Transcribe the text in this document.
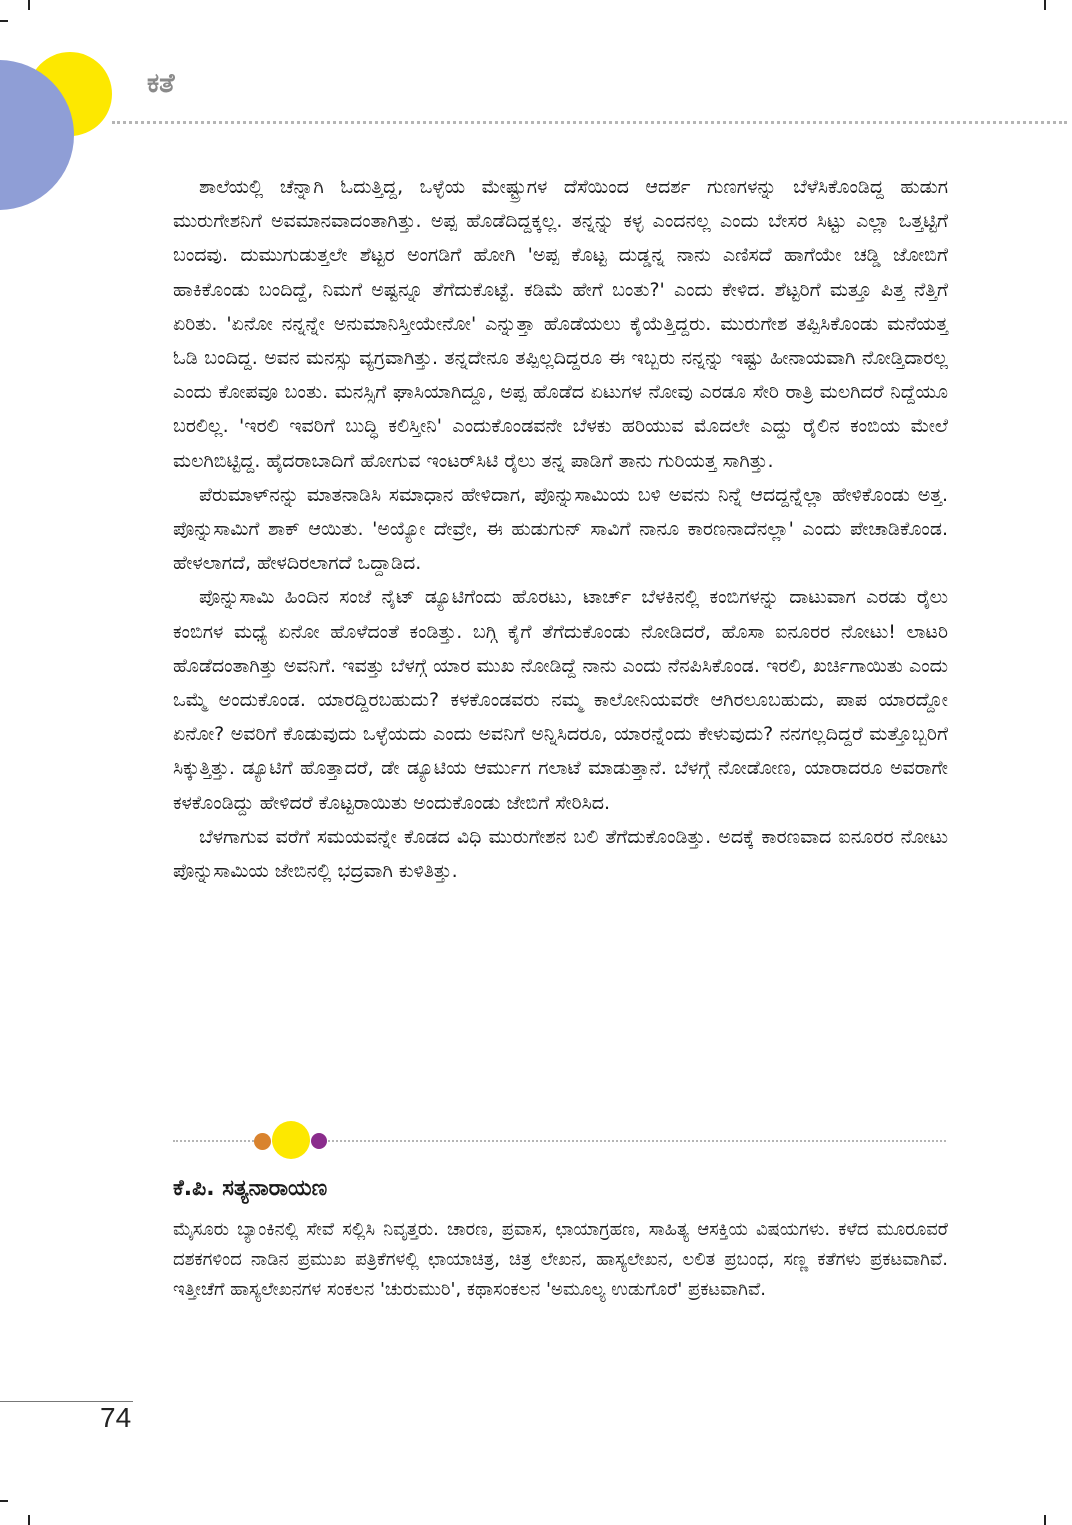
ಕತೆ

ಶಾಲೆಯಲ್ಲಿ ಚೆನ್ನಾಗಿ ಓದುತ್ತಿದ್ದ, ಒಳ್ಳೆಯ ಮೇಷ್ಟ್ರುಗಳ ದೆಸೆಯಿಂದ ಆದರ್ಶ ಗುಣಗಳನ್ನು ಬೆಳೆಸಿಕೊಂಡಿದ್ದ ಹುಡುಗ ಮುರುಗೇಶನಿಗೆ ಅವಮಾನವಾದಂತಾಗಿತ್ತು. ಅಪ್ಪ ಹೊಡೆದಿದ್ದಕ್ಕಲ್ಲ. ತನ್ನನ್ನು ಕಳ್ಳ ಎಂದನಲ್ಲ ಎಂದು ಬೇಸರ ಸಿಟ್ಟು ಎಲ್ಲಾ ಒತ್ತಟ್ಟಿಗೆ ಬಂದವು. ದುಮುಗುಡುತ್ತಲೇ ಶೆಟ್ಟರ ಅಂಗಡಿಗೆ ಹೋಗಿ 'ಅಪ್ಪ ಕೊಟ್ಟ ದುಡ್ಡನ್ನ ನಾನು ಎಣಿಸದೆ ಹಾಗೆಯೇ ಚಡ್ಡಿ ಜೋಬಿಗೆ ಹಾಕಿಕೊಂಡು ಬಂದಿದ್ದೆ, ನಿಮಗೆ ಅಷ್ಟನ್ನೂ ತೆಗೆದುಕೊಟ್ಟೆ. ಕಡಿಮೆ ಹೇಗೆ ಬಂತು?' ಎಂದು ಕೇಳಿದ. ಶೆಟ್ಟರಿಗೆ ಮತ್ತೂ ಪಿತ್ತ ನೆತ್ತಿಗೆ ಏರಿತು. 'ಏನೋ ನನ್ನನ್ನೇ ಅನುಮಾನಿಸ್ತೀಯೇನೋ' ಎನ್ನುತ್ತಾ ಹೊಡೆಯಲು ಕೈಯೆತ್ತಿದ್ದರು. ಮುರುಗೇಶ ತಪ್ಪಿಸಿಕೊಂಡು ಮನೆಯತ್ತ ಓಡಿ ಬಂದಿದ್ದ. ಅವನ ಮನಸ್ಸು ವ್ಯಗ್ರವಾಗಿತ್ತು. ತನ್ನದೇನೂ ತಪ್ಪಿಲ್ಲದಿದ್ದರೂ ಈ ಇಬ್ಬರು ನನ್ನನ್ನು ಇಷ್ಟು ಹೀನಾಯವಾಗಿ ನೋಡ್ತಿದಾರಲ್ಲ ಎಂದು ಕೋಪವೂ ಬಂತು. ಮನಸ್ಸಿಗೆ ಘಾಸಿಯಾಗಿದ್ದೂ, ಅಪ್ಪ ಹೊಡೆದ ಏಟುಗಳ ನೋವು ಎರಡೂ ಸೇರಿ ರಾತ್ರಿ ಮಲಗಿದರೆ ನಿದ್ದೆಯೂ ಬರಲಿಲ್ಲ. 'ಇರಲಿ ಇವರಿಗೆ ಬುದ್ಧಿ ಕಲಿಸ್ತೀನಿ' ಎಂದುಕೊಂಡವನೇ ಬೆಳಕು ಹರಿಯುವ ಮೊದಲೇ ಎದ್ದು ರೈಲಿನ ಕಂಬಿಯ ಮೇಲೆ ಮಲಗಿಬಿಟ್ಟಿದ್ದ. ಹೈದರಾಬಾದಿಗೆ ಹೋಗುವ ಇಂಟರ್‌ಸಿಟಿ ರೈಲು ತನ್ನ ಪಾಡಿಗೆ ತಾನು ಗುರಿಯತ್ತ ಸಾಗಿತ್ತು.

ಪೆರುಮಾಳ್‌ನನ್ನು ಮಾತನಾಡಿಸಿ ಸಮಾಧಾನ ಹೇಳಿದಾಗ, ಪೊನ್ನುಸಾಮಿಯ ಬಳಿ ಅವನು ನಿನ್ನೆ ಆದದ್ದನ್ನೆಲ್ಲಾ ಹೇಳಿಕೊಂಡು ಅತ್ತ. ಪೊನ್ನುಸಾಮಿಗೆ ಶಾಕ್ ಆಯಿತು. 'ಅಯ್ಯೋ ದೇವ್ರೇ, ಈ ಹುಡುಗುನ್ ಸಾವಿಗೆ ನಾನೂ ಕಾರಣನಾದೆನಲ್ಲಾ' ಎಂದು ಪೇಚಾಡಿಕೊಂಡ. ಹೇಳಲಾಗದೆ, ಹೇಳದಿರಲಾಗದೆ ಒದ್ದಾಡಿದ.

ಪೊನ್ನುಸಾಮಿ ಹಿಂದಿನ ಸಂಜೆ ನೈಟ್ ಡ್ಯೂಟಿಗೆಂದು ಹೊರಟು, ಟಾರ್ಚ್ ಬೆಳಕಿನಲ್ಲಿ ಕಂಬಿಗಳನ್ನು ದಾಟುವಾಗ ಎರಡು ರೈಲು ಕಂಬಿಗಳ ಮಧ್ಯೆ ಏನೋ ಹೊಳೆದಂತೆ ಕಂಡಿತ್ತು. ಬಗ್ಗಿ ಕೈಗೆ ತೆಗೆದುಕೊಂಡು ನೋಡಿದರೆ, ಹೊಸಾ ಐನೂರರ ನೋಟು! ಲಾಟರಿ ಹೊಡೆದಂತಾಗಿತ್ತು ಅವನಿಗೆ. ಇವತ್ತು ಬೆಳಗ್ಗೆ ಯಾರ ಮುಖ ನೋಡಿದ್ದೆ ನಾನು ಎಂದು ನೆನಪಿಸಿಕೊಂಡ. ಇರಲಿ, ಖರ್ಚಿಗಾಯಿತು ಎಂದು ಒಮ್ಮೆ ಅಂದುಕೊಂಡ. ಯಾರದ್ದಿರಬಹುದು? ಕಳಕೊಂಡವರು ನಮ್ಮ ಕಾಲೋನಿಯವರೇ ಆಗಿರಲೂಬಹುದು, ಪಾಪ ಯಾರದ್ದೋ ಏನೋ? ಅವರಿಗೆ ಕೊಡುವುದು ಒಳ್ಳೆಯದು ಎಂದು ಅವನಿಗೆ ಅನ್ನಿಸಿದರೂ, ಯಾರನ್ನೆಂದು ಕೇಳುವುದು? ನನಗಲ್ಲದಿದ್ದರೆ ಮತ್ತೊಬ್ಬರಿಗೆ ಸಿಕ್ಕುತ್ತಿತ್ತು. ಡ್ಯೂಟಿಗೆ ಹೊತ್ತಾದರೆ, ಡೇ ಡ್ಯೂಟಿಯ ಆರ್ಮುಗ ಗಲಾಟೆ ಮಾಡುತ್ತಾನೆ. ಬೆಳಗ್ಗೆ ನೋಡೋಣ, ಯಾರಾದರೂ ಅವರಾಗೇ ಕಳಕೊಂಡಿದ್ದು ಹೇಳಿದರೆ ಕೊಟ್ಟರಾಯಿತು ಅಂದುಕೊಂಡು ಜೇಬಿಗೆ ಸೇರಿಸಿದ.

ಬೆಳಗಾಗುವ ವರೆಗೆ ಸಮಯವನ್ನೇ ಕೊಡದ ವಿಧಿ ಮುರುಗೇಶನ ಬಲಿ ತೆಗೆದುಕೊಂಡಿತ್ತು. ಅದಕ್ಕೆ ಕಾರಣವಾದ ಐನೂರರ ನೋಟು ಪೊನ್ನುಸಾಮಿಯ ಜೇಬಿನಲ್ಲಿ ಭದ್ರವಾಗಿ ಕುಳಿತಿತ್ತು.

ಕೆ.ಪಿ. ಸತ್ಯನಾರಾಯಣ

ಮೈಸೂರು ಬ್ಯಾಂಕಿನಲ್ಲಿ ಸೇವೆ ಸಲ್ಲಿಸಿ ನಿವೃತ್ತರು. ಚಾರಣ, ಪ್ರವಾಸ, ಛಾಯಾಗ್ರಹಣ, ಸಾಹಿತ್ಯ ಆಸಕ್ತಿಯ ವಿಷಯಗಳು. ಕಳೆದ ಮೂರೂವರೆ ದಶಕಗಳಿಂದ ನಾಡಿನ ಪ್ರಮುಖ ಪತ್ರಿಕೆಗಳಲ್ಲಿ ಛಾಯಾಚಿತ್ರ, ಚಿತ್ರ ಲೇಖನ, ಹಾಸ್ಯಲೇಖನ, ಲಲಿತ ಪ್ರಬಂಧ, ಸಣ್ಣ ಕತೆಗಳು ಪ್ರಕಟವಾಗಿವೆ. ಇತ್ತೀಚೆಗೆ ಹಾಸ್ಯಲೇಖನಗಳ ಸಂಕಲನ 'ಚುರುಮುರಿ', ಕಥಾಸಂಕಲನ 'ಅಮೂಲ್ಯ ಉಡುಗೊರೆ' ಪ್ರಕಟವಾಗಿವೆ.

74
